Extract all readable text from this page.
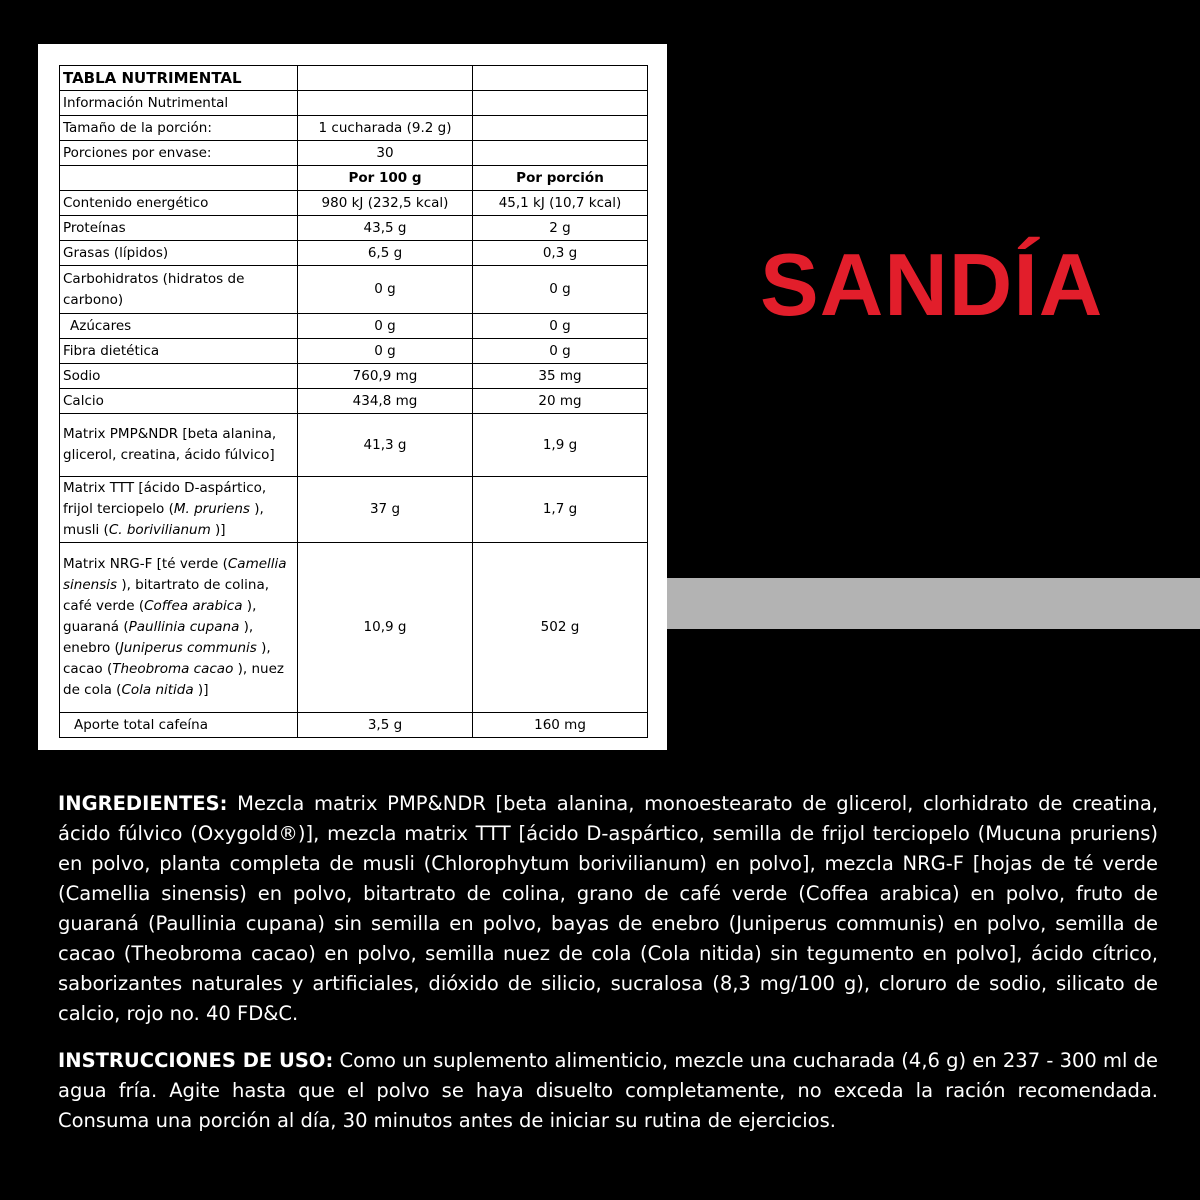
TABLA NUTRIMENTAL		
Información Nutrimental		
Tamaño de la porción:	1 cucharada (9.2 g)	
Porciones por envase:	30	
	Por 100 g	Por porción
Contenido energético	980 kJ (232,5 kcal)	45,1 kJ (10,7 kcal)
Proteínas	43,5 g	2 g
Grasas (lípidos)	6,5 g	0,3 g
Carbohidratos (hidratos de carbono)	0 g	0 g
Azúcares	0 g	0 g
Fibra dietética	0 g	0 g
Sodio	760,9 mg	35 mg
Calcio	434,8 mg	20 mg
Matrix PMP&NDR [beta alanina, glicerol, creatina, ácido fúlvico]	41,3 g	1,9 g
Matrix TTT [ácido D-aspártico, frijol terciopelo (M. pruriens ), musli (C. borivilianum )]	37 g	1,7 g
Matrix NRG-F [té verde (Camellia sinensis ), bitartrato de colina, café verde (Coffea arabica ), guaraná (Paullinia cupana ), enebro (Juniperus communis ), cacao (Theobroma cacao ), nuez de cola (Cola nitida )]	10,9 g	502 g
Aporte total cafeína	3,5 g	160 mg
SANDÍA
INGREDIENTES: Mezcla matrix PMP&NDR [beta alanina, monoestearato de glicerol, clorhidrato de creatina, ácido fúlvico (Oxygold®)], mezcla matrix TTT [ácido D-aspártico, semilla de frijol terciopelo (Mucuna pruriens) en polvo, planta completa de musli (Chlorophytum borivilianum) en polvo], mezcla NRG-F [hojas de té verde (Camellia sinensis) en polvo, bitartrato de colina, grano de café verde (Coffea arabica) en polvo, fruto de guaraná (Paullinia cupana) sin semilla en polvo, bayas de enebro (Juniperus communis) en polvo, semilla de cacao (Theobroma cacao) en polvo, semilla nuez de cola (Cola nitida) sin tegumento en polvo], ácido cítrico, saborizantes naturales y artificiales, dióxido de silicio, sucralosa (8,3 mg/100 g), cloruro de sodio, silicato de calcio, rojo no. 40 FD&C.
INSTRUCCIONES DE USO: Como un suplemento alimenticio, mezcle una cucharada (4,6 g) en 237 - 300 ml de agua fría. Agite hasta que el polvo se haya disuelto completamente, no exceda la ración recomendada. Consuma una porción al día, 30 minutos antes de iniciar su rutina de ejercicios.
